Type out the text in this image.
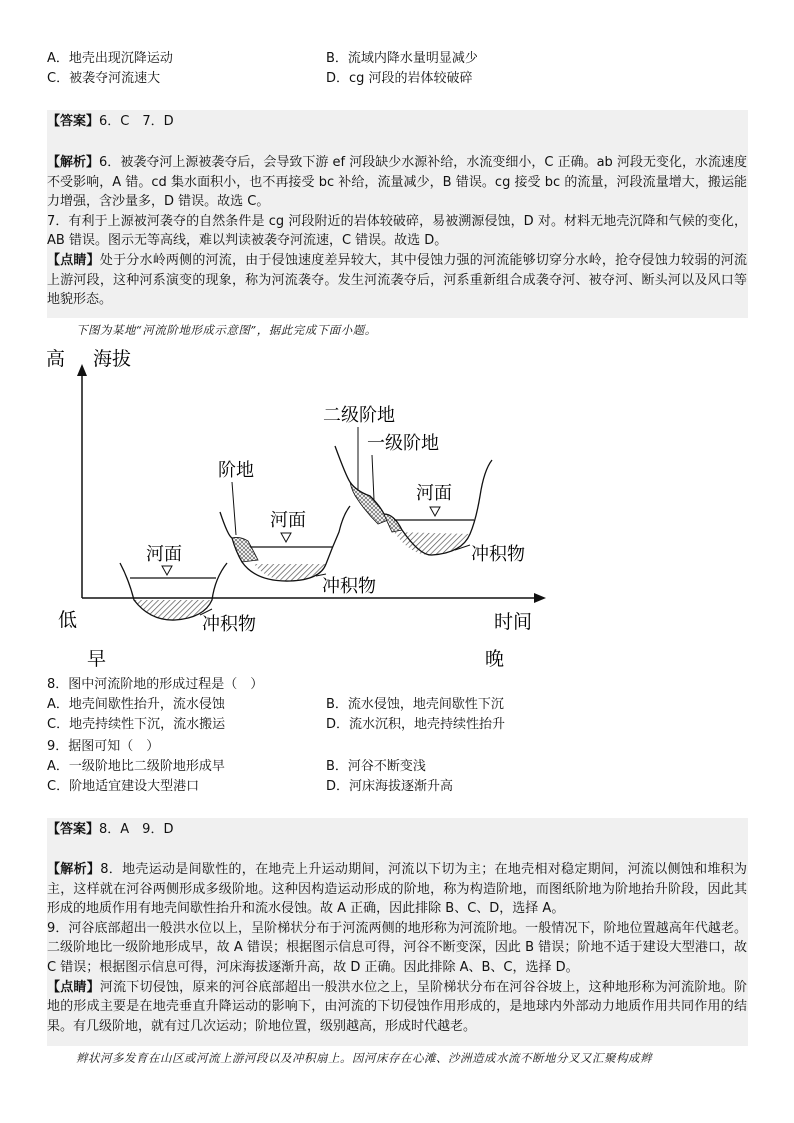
A．地壳出现沉降运动	B．流域内降水量明显减少
C．被袭夺河流速大	D．cg 河段的岩体较破碎
【答案】6．C　7．D

【解析】6．被袭夺河上源被袭夺后，会导致下游 ef 河段缺少水源补给，水流变细小，C 正确。ab 河段无变化，水流速度不受影响，A 错。cd 集水面积小，也不再接受 bc 补给，流量减少，B 错误。cg 接受 bc 的流量，河段流量增大，搬运能力增强，含沙量多，D 错误。故选 C。

7．有利于上源被河袭夺的自然条件是 cg 河段附近的岩体较破碎，易被溯源侵蚀，D 对。材料无地壳沉降和气候的变化，AB 错误。图示无等高线，难以判读被袭夺河流速，C 错误。故选 D。

【点睛】处于分水岭两侧的河流，由于侵蚀速度差异较大，其中侵蚀力强的河流能够切穿分水岭，抢夺侵蚀力较弱的河流上游河段，这种河系演变的现象，称为河流袭夺。发生河流袭夺后，河系重新组合成袭夺河、被夺河、断头河以及风口等地貌形态。

下图为某地“河流阶地形成示意图”，据此完成下面小题。
高 海拔
低	时间
早	晚
河面
冲积物
河面
阶地
冲积物
河面
二级阶地
一级阶地
冲积物
8．图中河流阶地的形成过程是（　）
A．地壳间歇性抬升，流水侵蚀	B．流水侵蚀，地壳间歇性下沉
C．地壳持续性下沉，流水搬运	D．流水沉积，地壳持续性抬升
9．据图可知（　）
A．一级阶地比二级阶地形成早	B．河谷不断变浅
C．阶地适宜建设大型港口	D．河床海拔逐渐升高
【答案】8．A　9．D

【解析】8．地壳运动是间歇性的，在地壳上升运动期间，河流以下切为主；在地壳相对稳定期间，河流以侧蚀和堆积为主，这样就在河谷两侧形成多级阶地。这种因构造运动形成的阶地，称为构造阶地，而图纸阶地为阶地抬升阶段，因此其形成的地质作用有地壳间歇性抬升和流水侵蚀。故 A 正确，因此排除 B、C、D，选择 A。

9．河谷底部超出一般洪水位以上，呈阶梯状分布于河流两侧的地形称为河流阶地。一般情况下，阶地位置越高年代越老。二级阶地比一级阶地形成早，故 A 错误；根据图示信息可得，河谷不断变深，因此 B 错误；阶地不适于建设大型港口，故 C 错误；根据图示信息可得，河床海拔逐渐升高，故 D 正确。因此排除 A、B、C，选择 D。

【点睛】河流下切侵蚀，原来的河谷底部超出一般洪水位之上，呈阶梯状分布在河谷谷坡上，这种地形称为河流阶地。阶地的形成主要是在地壳垂直升降运动的影响下，由河流的下切侵蚀作用形成的，是地球内外部动力地质作用共同作用的结果。有几级阶地，就有过几次运动；阶地位置，级别越高，形成时代越老。

辫状河多发育在山区或河流上游河段以及冲积扇上。因河床存在心滩、沙洲造成水流不断地分叉又汇聚构成辫
